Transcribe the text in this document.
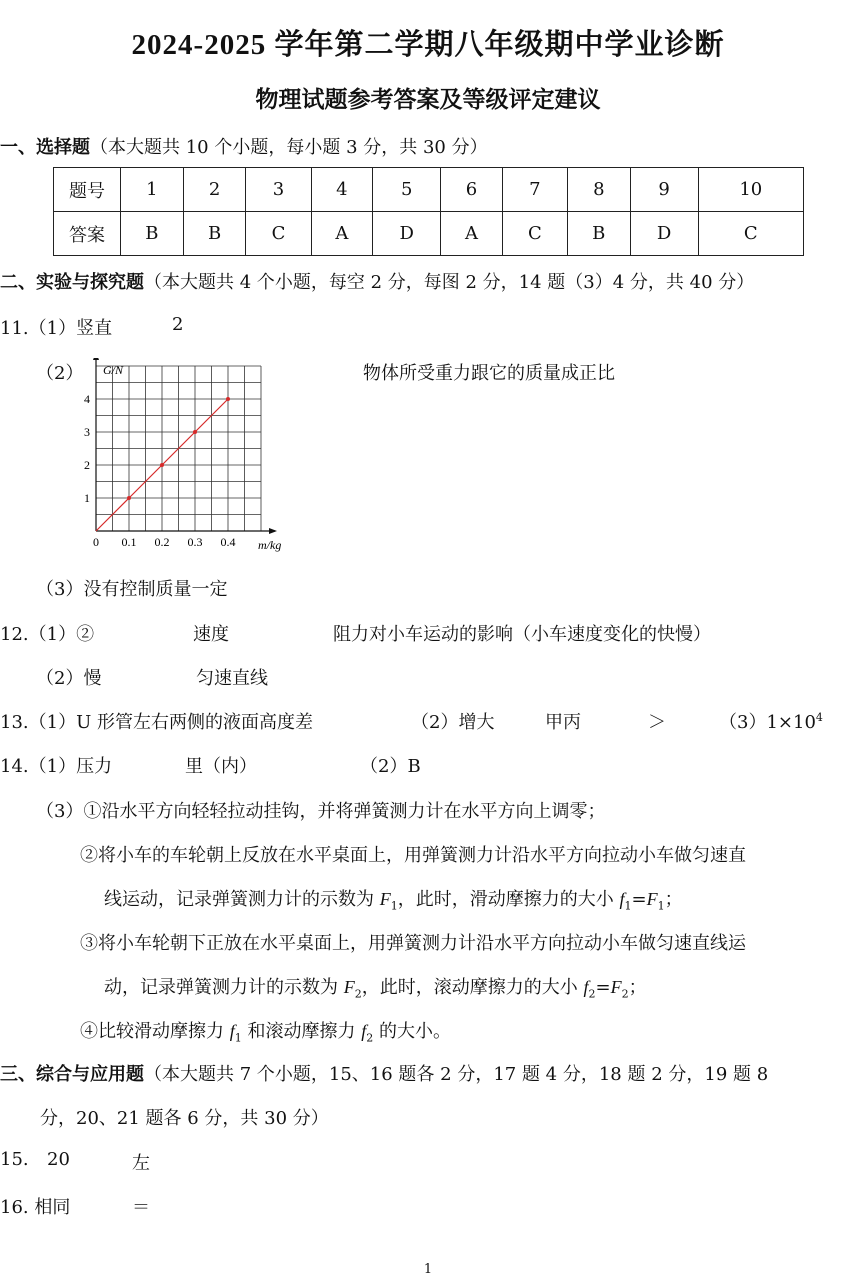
2024-2025 学年第二学期八年级期中学业诊断
物理试题参考答案及等级评定建议
一、选择题（本大题共 10 个小题，每小题 3 分，共 30 分）
题号	1	2	3	4	5	6	7	8	9	10
答案	B	B	C	A	D	A	C	B	D	C
二、实验与探究题（本大题共 4 个小题，每空 2 分，每图 2 分，14 题（3）4 分，共 40 分）
11.（1）竖直	2
（2）	物体所受重力跟它的质量成正比
0 0.1 0.2 0.3 0.4
1
2
3
4
G/N
m/kg
（3）没有控制质量一定
12.（1）②	速度	阻力对小车运动的影响（小车速度变化的快慢）
（2）慢	匀速直线
13.（1）U 形管左右两侧的液面高度差	（2）增大	甲丙	＞	$(3)1\times 10^4$
14.（1）压力	里（内）	（2）B
（3）①沿水平方向轻轻拉动挂钩，并将弹簧测力计在水平方向上调零；
②将小车的车轮朝上反放在水平桌面上，用弹簧测力计沿水平方向拉动小车做匀速直
线运动，记录弹簧测力计的示数为 $F_1$，此时，滑动摩擦力的大小 $f_1=F_1$；
③将小车轮朝下正放在水平桌面上，用弹簧测力计沿水平方向拉动小车做匀速直线运
动，记录弹簧测力计的示数为 $F_2$，此时，滚动摩擦力的大小 $f_2=F_2$；
④比较滑动摩擦力 $f_1$ 和滚动摩擦力 $f_2$ 的大小。
三、综合与应用题（本大题共 7 个小题，15、16 题各 2 分，17 题 4 分，18 题 2 分，19 题 8
分，20、21 题各 6 分，共 30 分）
15. 20	左
16. 相同	＝
1
